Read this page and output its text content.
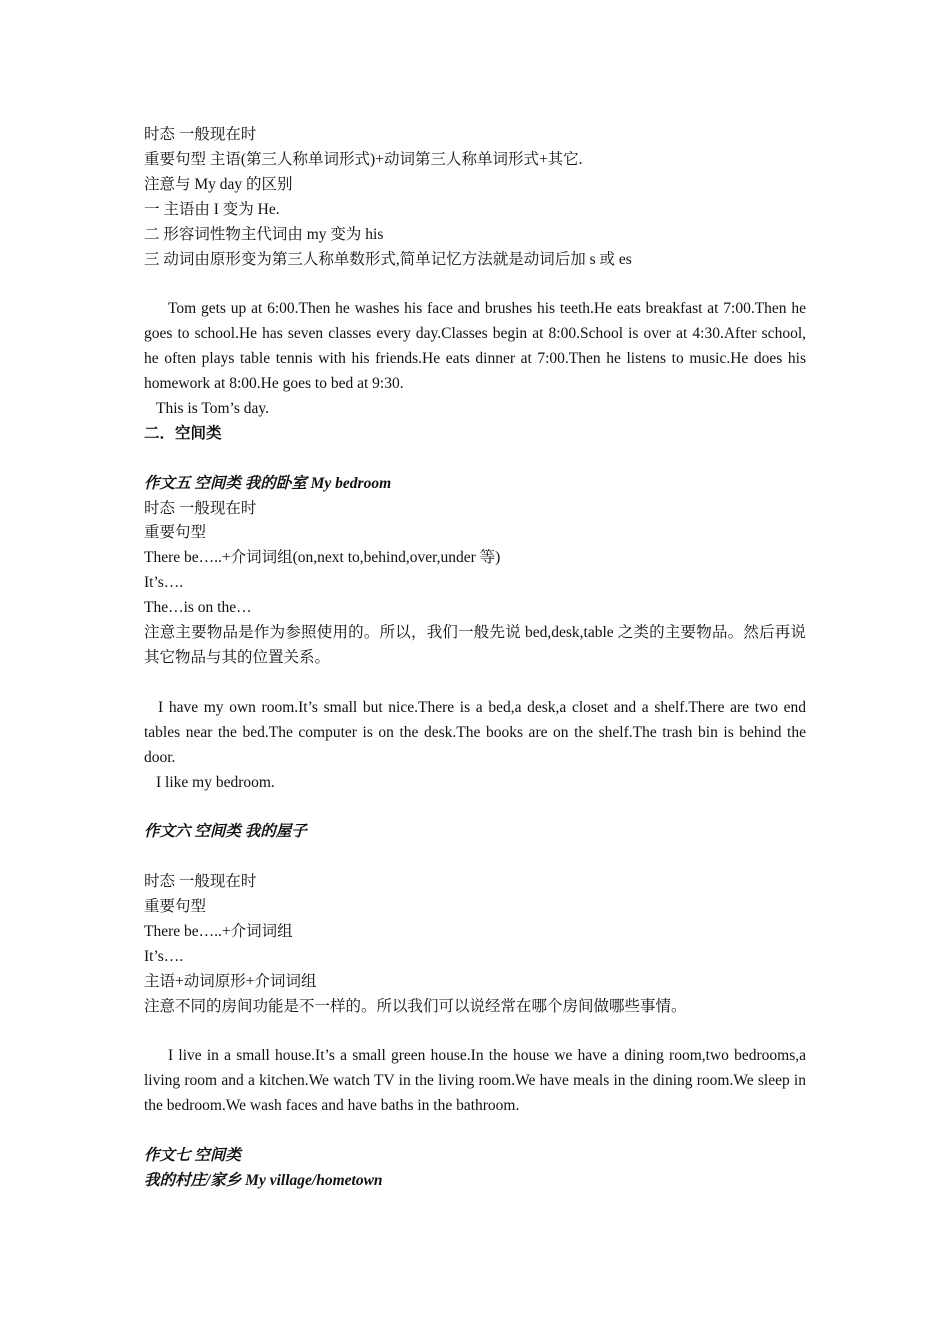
时态 一般现在时
重要句型 主语(第三人称单词形式)+动词第三人称单词形式+其它.
注意与 My day 的区别
一 主语由 I 变为 He.
二 形容词性物主代词由 my 变为 his
三 动词由原形变为第三人称单数形式,简单记忆方法就是动词后加 s 或 es
Tom gets up at 6:00.Then he washes his face and brushes his teeth.He eats breakfast at 7:00.Then he goes to school.He has seven classes every day.Classes begin at 8:00.School is over at 4:30.After school, he often plays table tennis with his friends.He eats dinner at 7:00.Then he listens to music.He does his homework at 8:00.He goes to bed at 9:30.
This is Tom’s day.
二．空间类
作文五 空间类 我的卧室 My bedroom
时态 一般现在时
重要句型
There be…..+介词词组(on,next to,behind,over,under 等)
It’s….
The…is on the…
注意主要物品是作为参照使用的。所以，我们一般先说 bed,desk,table 之类的主要物品。然后再说其它物品与其的位置关系。
I have my own room.It’s small but nice.There is a bed,a desk,a closet and a shelf.There are two end tables near the bed.The computer is on the desk.The books are on the shelf.The trash bin is behind the door.
I like my bedroom.
作文六 空间类 我的屋子
时态 一般现在时
重要句型
There be…..+介词词组
It’s….
主语+动词原形+介词词组
注意不同的房间功能是不一样的。所以我们可以说经常在哪个房间做哪些事情。
I live in a small house.It’s a small green house.In the house we have a dining room,two bedrooms,a living room and a kitchen.We watch TV in the living room.We have meals in the dining room.We sleep in the bedroom.We wash faces and have baths in the bathroom.
作文七 空间类
我的村庄/家乡 My village/hometown
